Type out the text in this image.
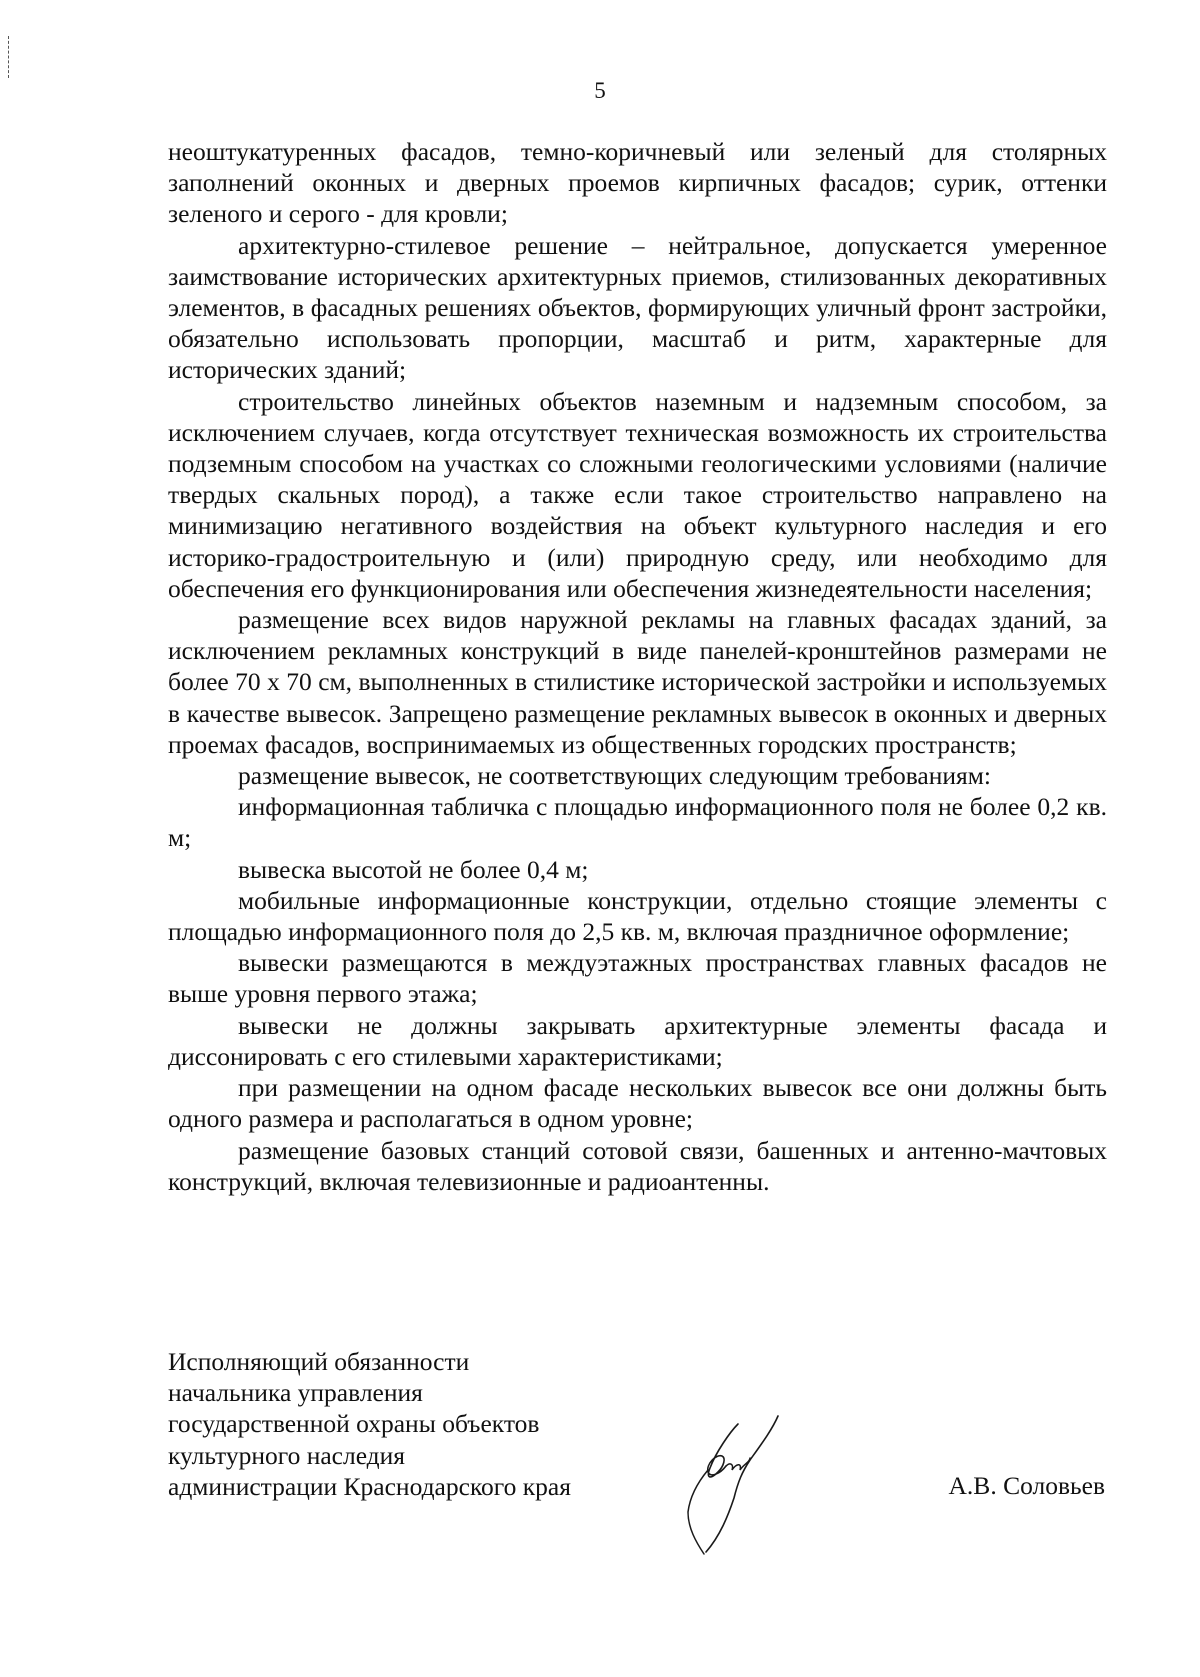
5

неоштукатуренных фасадов, темно-коричневый или зеленый для столярных заполнений оконных и дверных проемов кирпичных фасадов; сурик, оттенки зеленого и серого - для кровли;

архитектурно-стилевое решение – нейтральное, допускается умеренное заимствование исторических архитектурных приемов, стилизованных декоративных элементов, в фасадных решениях объектов, формирующих уличный фронт застройки, обязательно использовать пропорции, масштаб и ритм, характерные для исторических зданий;

строительство линейных объектов наземным и надземным способом, за исключением случаев, когда отсутствует техническая возможность их строительства подземным способом на участках со сложными геологическими условиями (наличие твердых скальных пород), а также если такое строительство направлено на минимизацию негативного воздействия на объект культурного наследия и его историко-градостроительную и (или) природную среду, или необходимо для обеспечения его функционирования или обеспечения жизнедеятельности населения;

размещение всех видов наружной рекламы на главных фасадах зданий, за исключением рекламных конструкций в виде панелей-кронштейнов размерами не более 70 х 70 см, выполненных в стилистике исторической застройки и используемых в качестве вывесок. Запрещено размещение рекламных вывесок в оконных и дверных проемах фасадов, воспринимаемых из общественных городских пространств;

размещение вывесок, не соответствующих следующим требованиям:

информационная табличка с площадью информационного поля не более 0,2 кв. м;

вывеска высотой не более 0,4 м;

мобильные информационные конструкции, отдельно стоящие элементы с площадью информационного поля до 2,5 кв. м, включая праздничное оформление;

вывески размещаются в междуэтажных пространствах главных фасадов не выше уровня первого этажа;

вывески не должны закрывать архитектурные элементы фасада и диссонировать с его стилевыми характеристиками;

при размещении на одном фасаде нескольких вывесок все они должны быть одного размера и располагаться в одном уровне;

размещение базовых станций сотовой связи, башенных и антенно-мачтовых конструкций, включая телевизионные и радиоантенны.

Исполняющий обязанности
начальника управления
государственной охраны объектов
культурного наследия
администрации Краснодарского края	А.В. Соловьев
